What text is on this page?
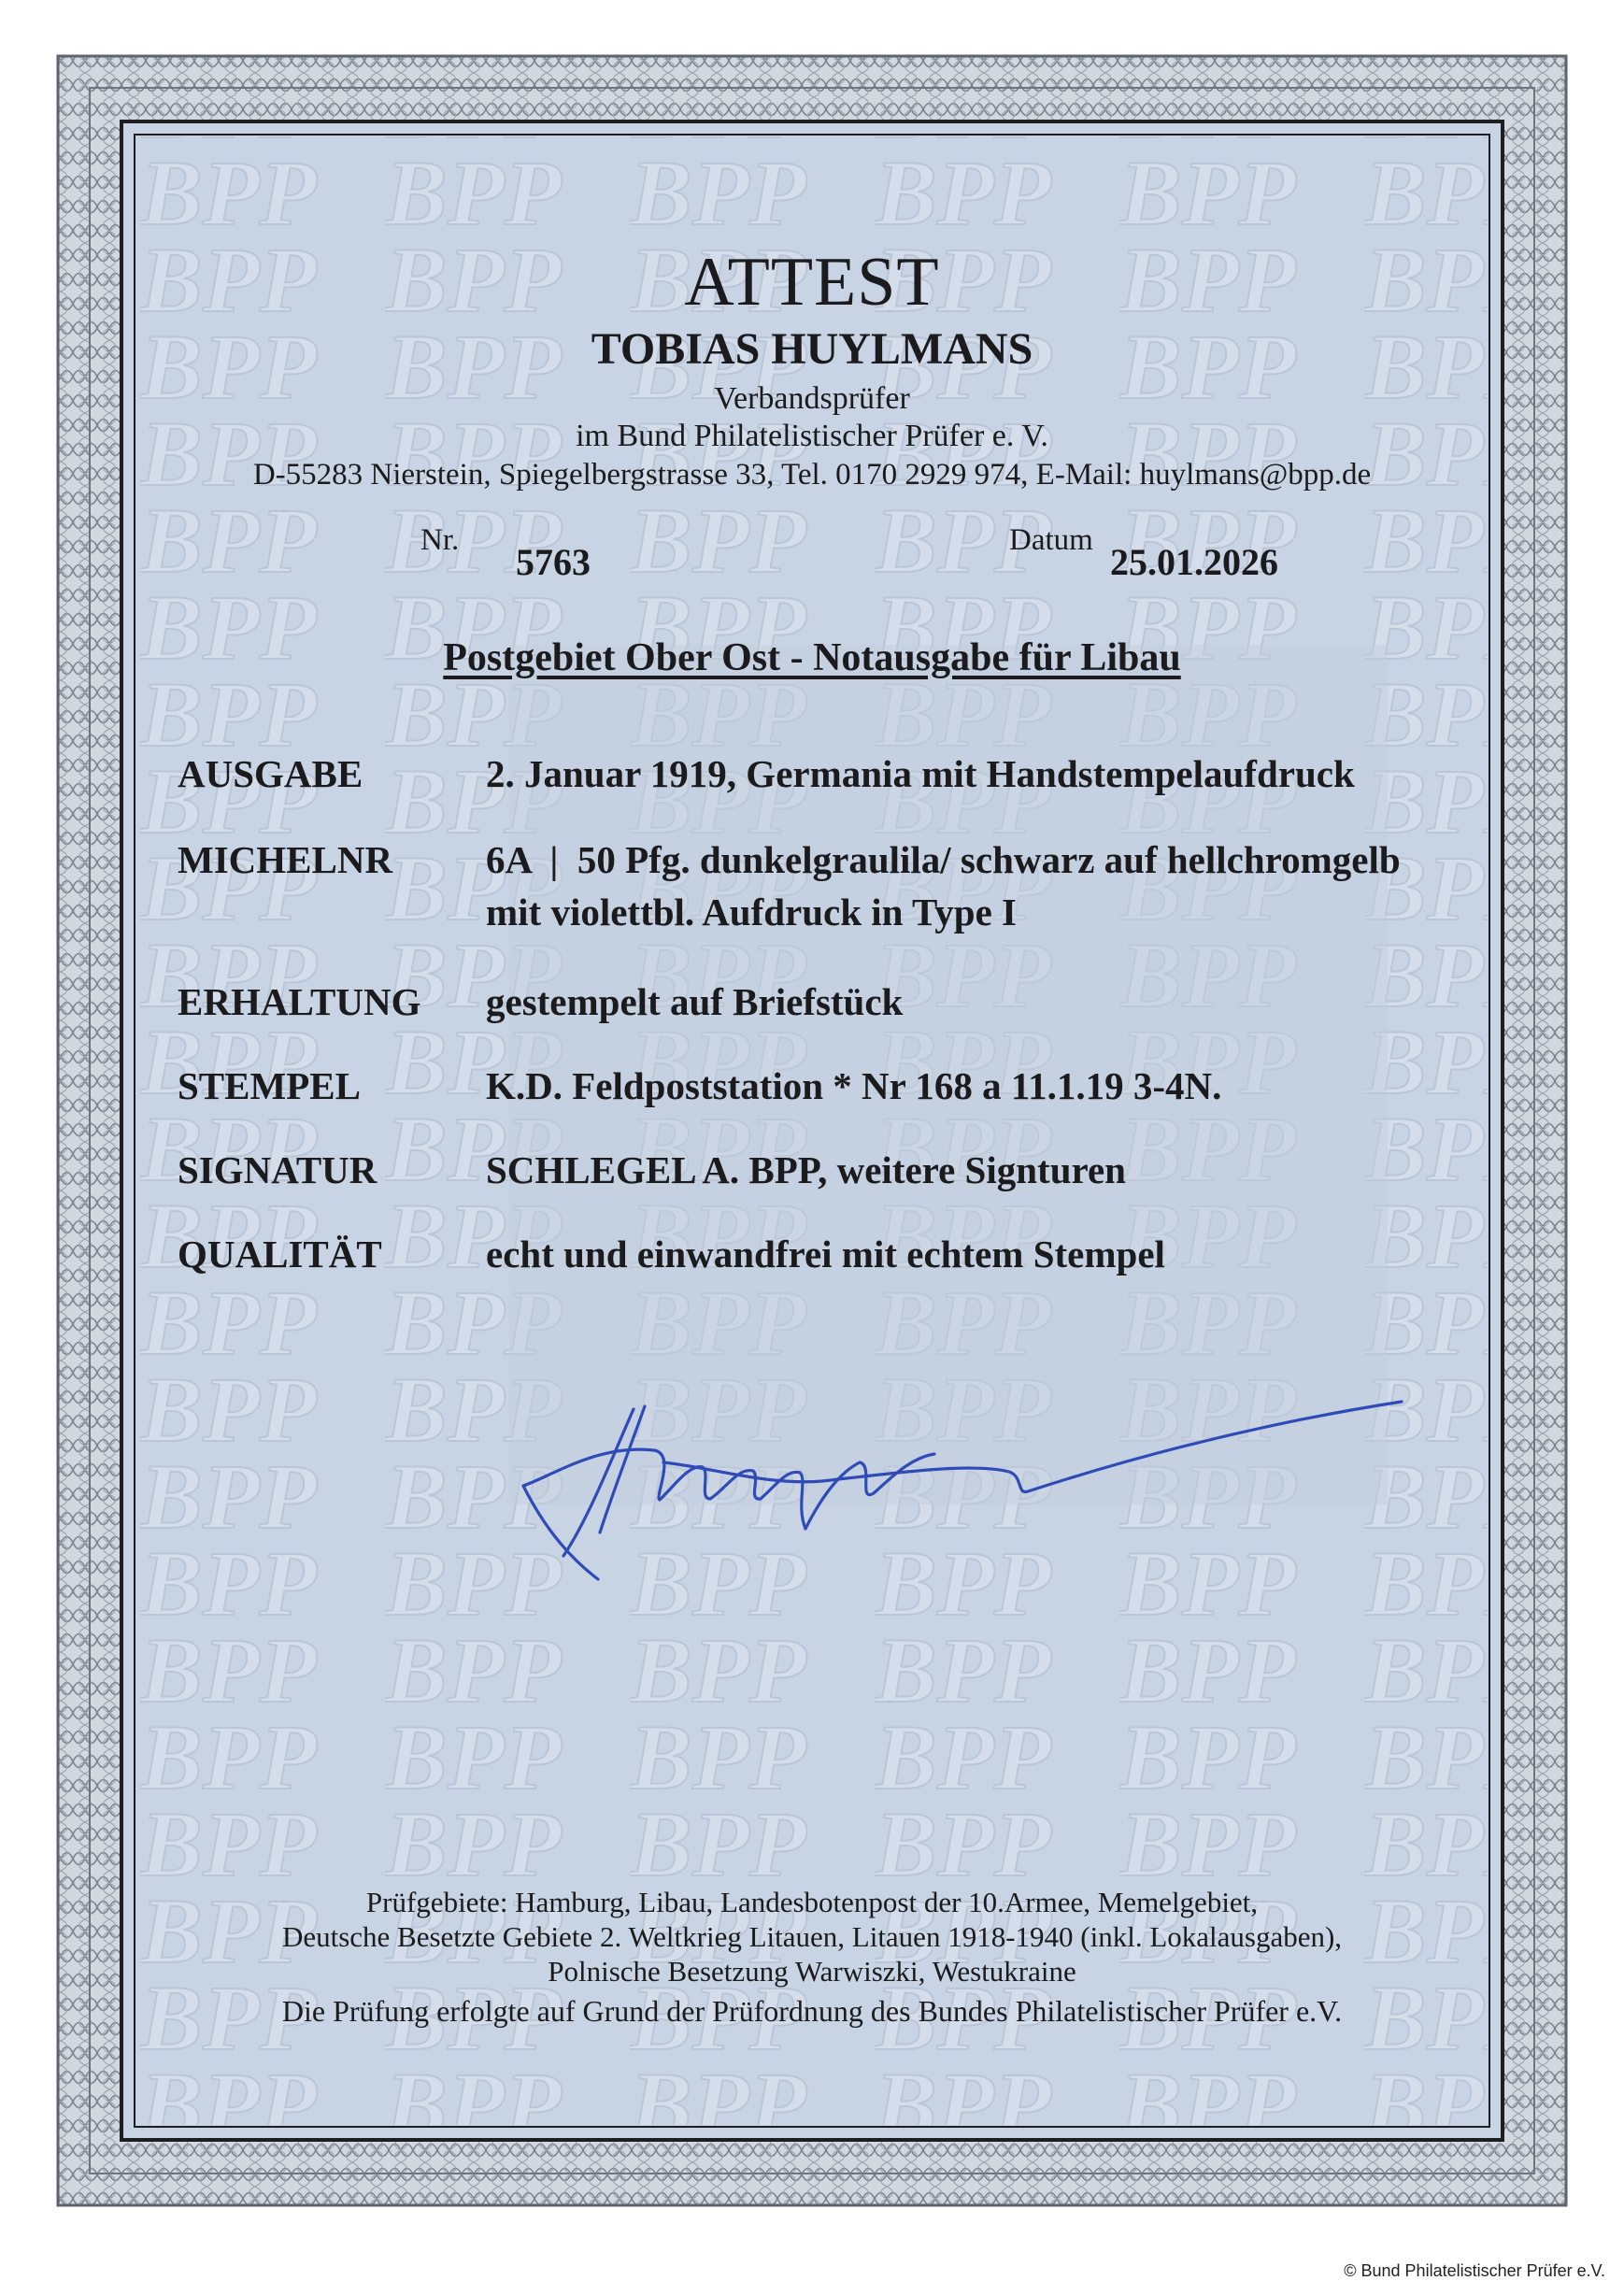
ATTEST
TOBIAS HUYLMANS
Verbandsprüfer
im Bund Philatelistischer Prüfer e. V.
D-55283 Nierstein, Spiegelbergstrasse 33, Tel. 0170 2929 974, E-Mail: huylmans@bpp.de
Nr.
5763
Datum
25.01.2026
Postgebiet Ober Ost - Notausgabe für Libau
AUSGABE	2. Januar 1919, Germania mit Handstempelaufdruck
MICHELNR 6A  |  50 Pfg. dunkelgraulila/ schwarz auf hellchromgelb
mit violettbl. Aufdruck in Type I
ERHALTUNG gestempelt auf Briefstück
STEMPEL	K.D. Feldpoststation * Nr 168 a 11.1.19 3-4N.
SIGNATUR	SCHLEGEL A. BPP, weitere Signturen
QUALITÄT	echt und einwandfrei mit echtem Stempel
Prüfgebiete: Hamburg, Libau, Landesbotenpost der 10.Armee, Memelgebiet,
Deutsche Besetzte Gebiete 2. Weltkrieg Litauen, Litauen 1918-1940 (inkl. Lokalausgaben),
Polnische Besetzung Warwiszki, Westukraine
Die Prüfung erfolgte auf Grund der Prüfordnung des Bundes Philatelistischer Prüfer e.V.
© Bund Philatelistischer Prüfer e.V.
